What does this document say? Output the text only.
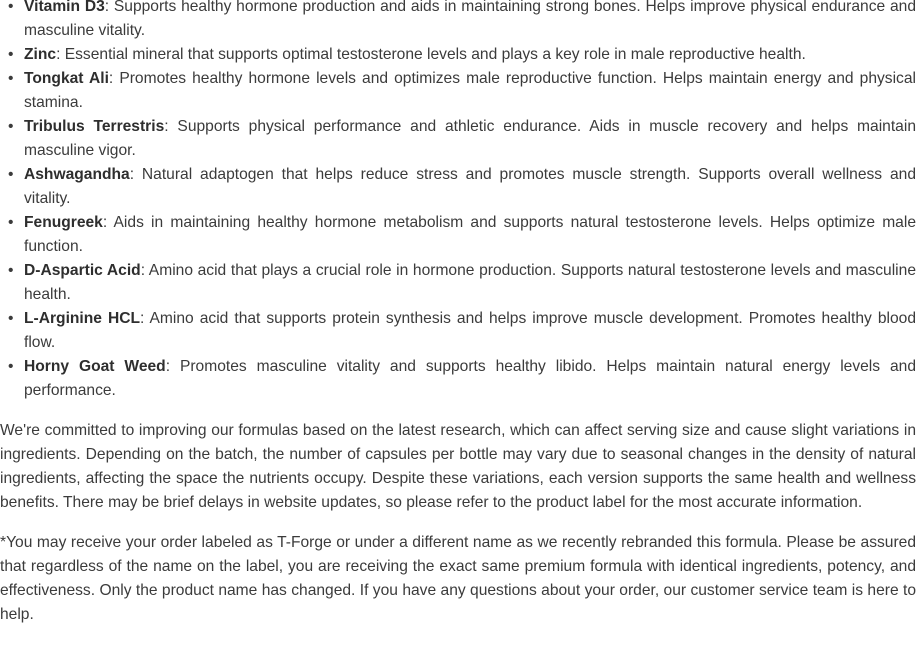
• Vitamin D3: Supports healthy hormone production and aids in maintaining strong bones. Helps improve physical endurance and masculine vitality.
• Zinc: Essential mineral that supports optimal testosterone levels and plays a key role in male reproductive health.
• Tongkat Ali: Promotes healthy hormone levels and optimizes male reproductive function. Helps maintain energy and physical stamina.
• Tribulus Terrestris: Supports physical performance and athletic endurance. Aids in muscle recovery and helps maintain masculine vigor.
• Ashwagandha: Natural adaptogen that helps reduce stress and promotes muscle strength. Supports overall wellness and vitality.
• Fenugreek: Aids in maintaining healthy hormone metabolism and supports natural testosterone levels. Helps optimize male function.
• D-Aspartic Acid: Amino acid that plays a crucial role in hormone production. Supports natural testosterone levels and masculine health.
• L-Arginine HCL: Amino acid that supports protein synthesis and helps improve muscle development. Promotes healthy blood flow.
• Horny Goat Weed: Promotes masculine vitality and supports healthy libido. Helps maintain natural energy levels and performance.

We're committed to improving our formulas based on the latest research, which can affect serving size and cause slight variations in ingredients. Depending on the batch, the number of capsules per bottle may vary due to seasonal changes in the density of natural ingredients, affecting the space the nutrients occupy. Despite these variations, each version supports the same health and wellness benefits. There may be brief delays in website updates, so please refer to the product label for the most accurate information.

*You may receive your order labeled as T-Forge or under a different name as we recently rebranded this formula. Please be assured that regardless of the name on the label, you are receiving the exact same premium formula with identical ingredients, potency, and effectiveness. Only the product name has changed. If you have any questions about your order, our customer service team is here to help.
